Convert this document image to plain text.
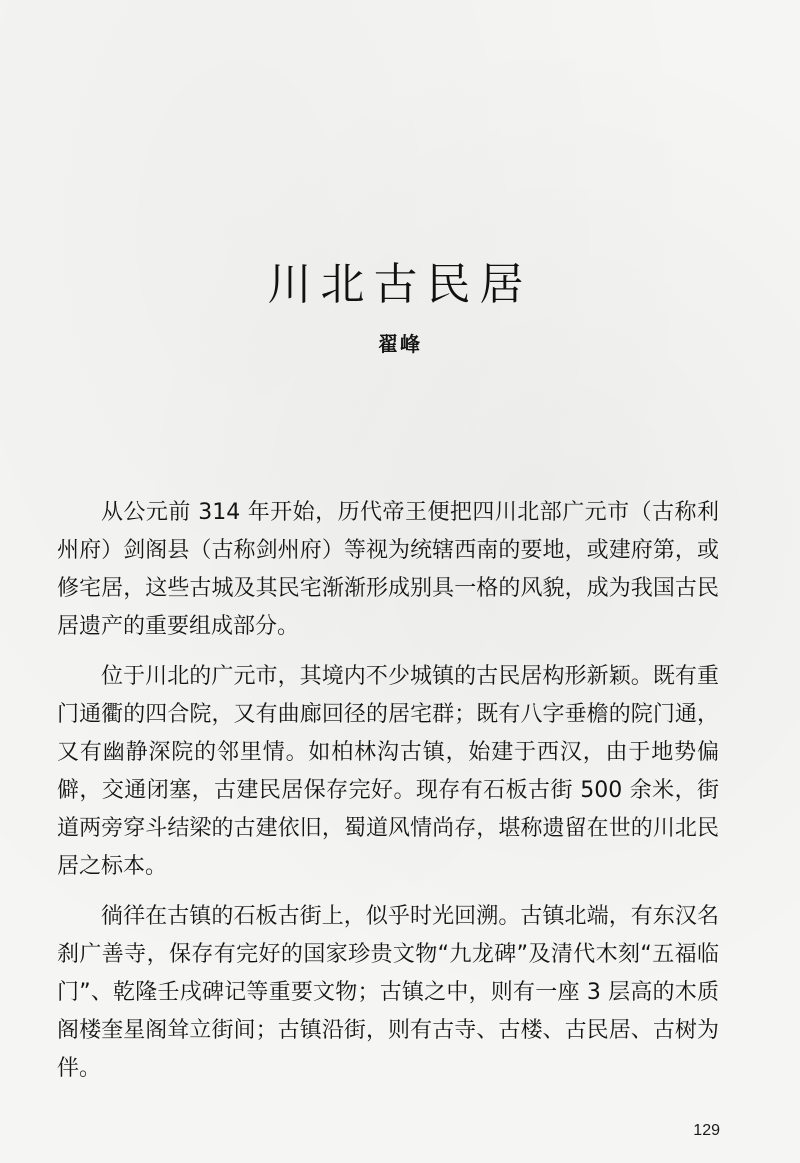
川北古民居
翟峰

从公元前 314 年开始，历代帝王便把四川北部广元市（古称利州府）剑阁县（古称剑州府）等视为统辖西南的要地，或建府第，或修宅居，这些古城及其民宅渐渐形成别具一格的风貌，成为我国古民居遗产的重要组成部分。

位于川北的广元市，其境内不少城镇的古民居构形新颖。既有重门通衢的四合院，又有曲廊回径的居宅群；既有八字垂檐的院门通，又有幽静深院的邻里情。如柏林沟古镇，始建于西汉，由于地势偏僻，交通闭塞，古建民居保存完好。现存有石板古街 500 余米，街道两旁穿斗结梁的古建依旧，蜀道风情尚存，堪称遗留在世的川北民居之标本。

徜徉在古镇的石板古街上，似乎时光回溯。古镇北端，有东汉名刹广善寺，保存有完好的国家珍贵文物“九龙碑”及清代木刻“五福临门”、乾隆壬戌碑记等重要文物；古镇之中，则有一座 3 层高的木质阁楼奎星阁耸立街间；古镇沿街，则有古寺、古楼、古民居、古树为伴。

129
